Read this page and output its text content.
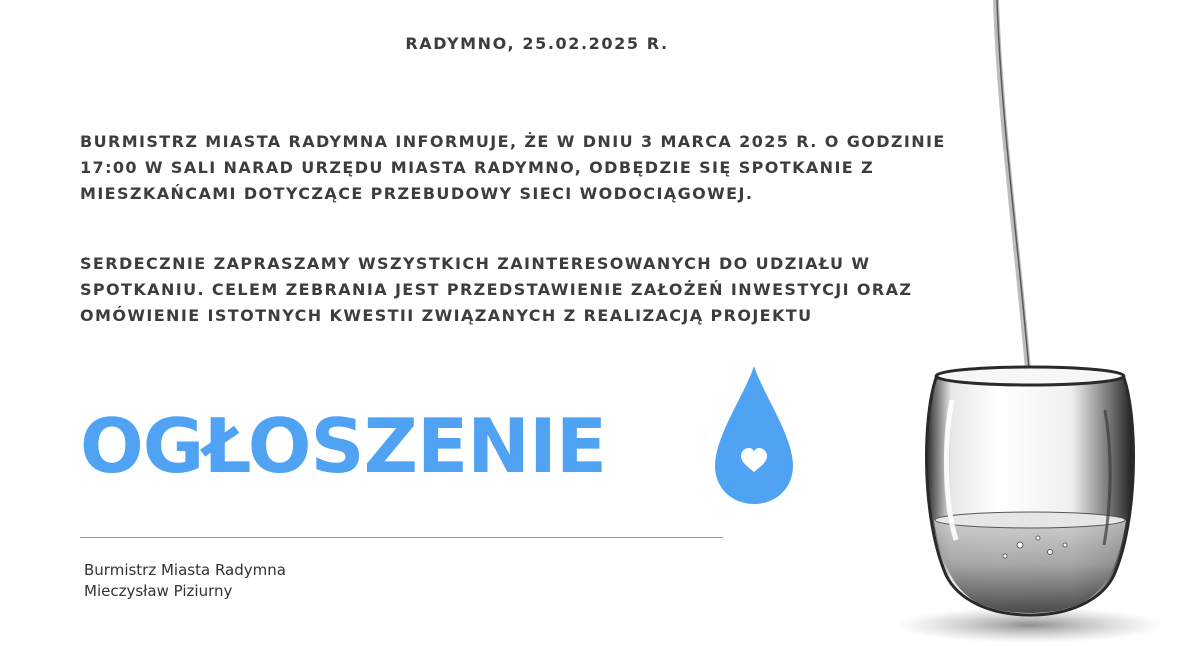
RADYMNO, 25.02.2025 R.

BURMISTRZ MIASTA RADYMNA INFORMUJE, ŻE W DNIU 3 MARCA 2025 R. O GODZINIE 17:00 W SALI NARAD URZĘDU MIASTA RADYMNO, ODBĘDZIE SIĘ SPOTKANIE Z MIESZKAŃCAMI DOTYCZĄCE PRZEBUDOWY SIECI WODOCIĄGOWEJ.

SERDECZNIE ZAPRASZAMY WSZYSTKICH ZAINTERESOWANYCH DO UDZIAŁU W SPOTKANIU. CELEM ZEBRANIA JEST PRZEDSTAWIENIE ZAŁOŻEŃ INWESTYCJI ORAZ OMÓWIENIE ISTOTNYCH KWESTII ZWIĄZANYCH Z REALIZACJĄ PROJEKTU

OGŁOSZENIE
Burmistrz Miasta Radymna
Mieczysław Piziurny
